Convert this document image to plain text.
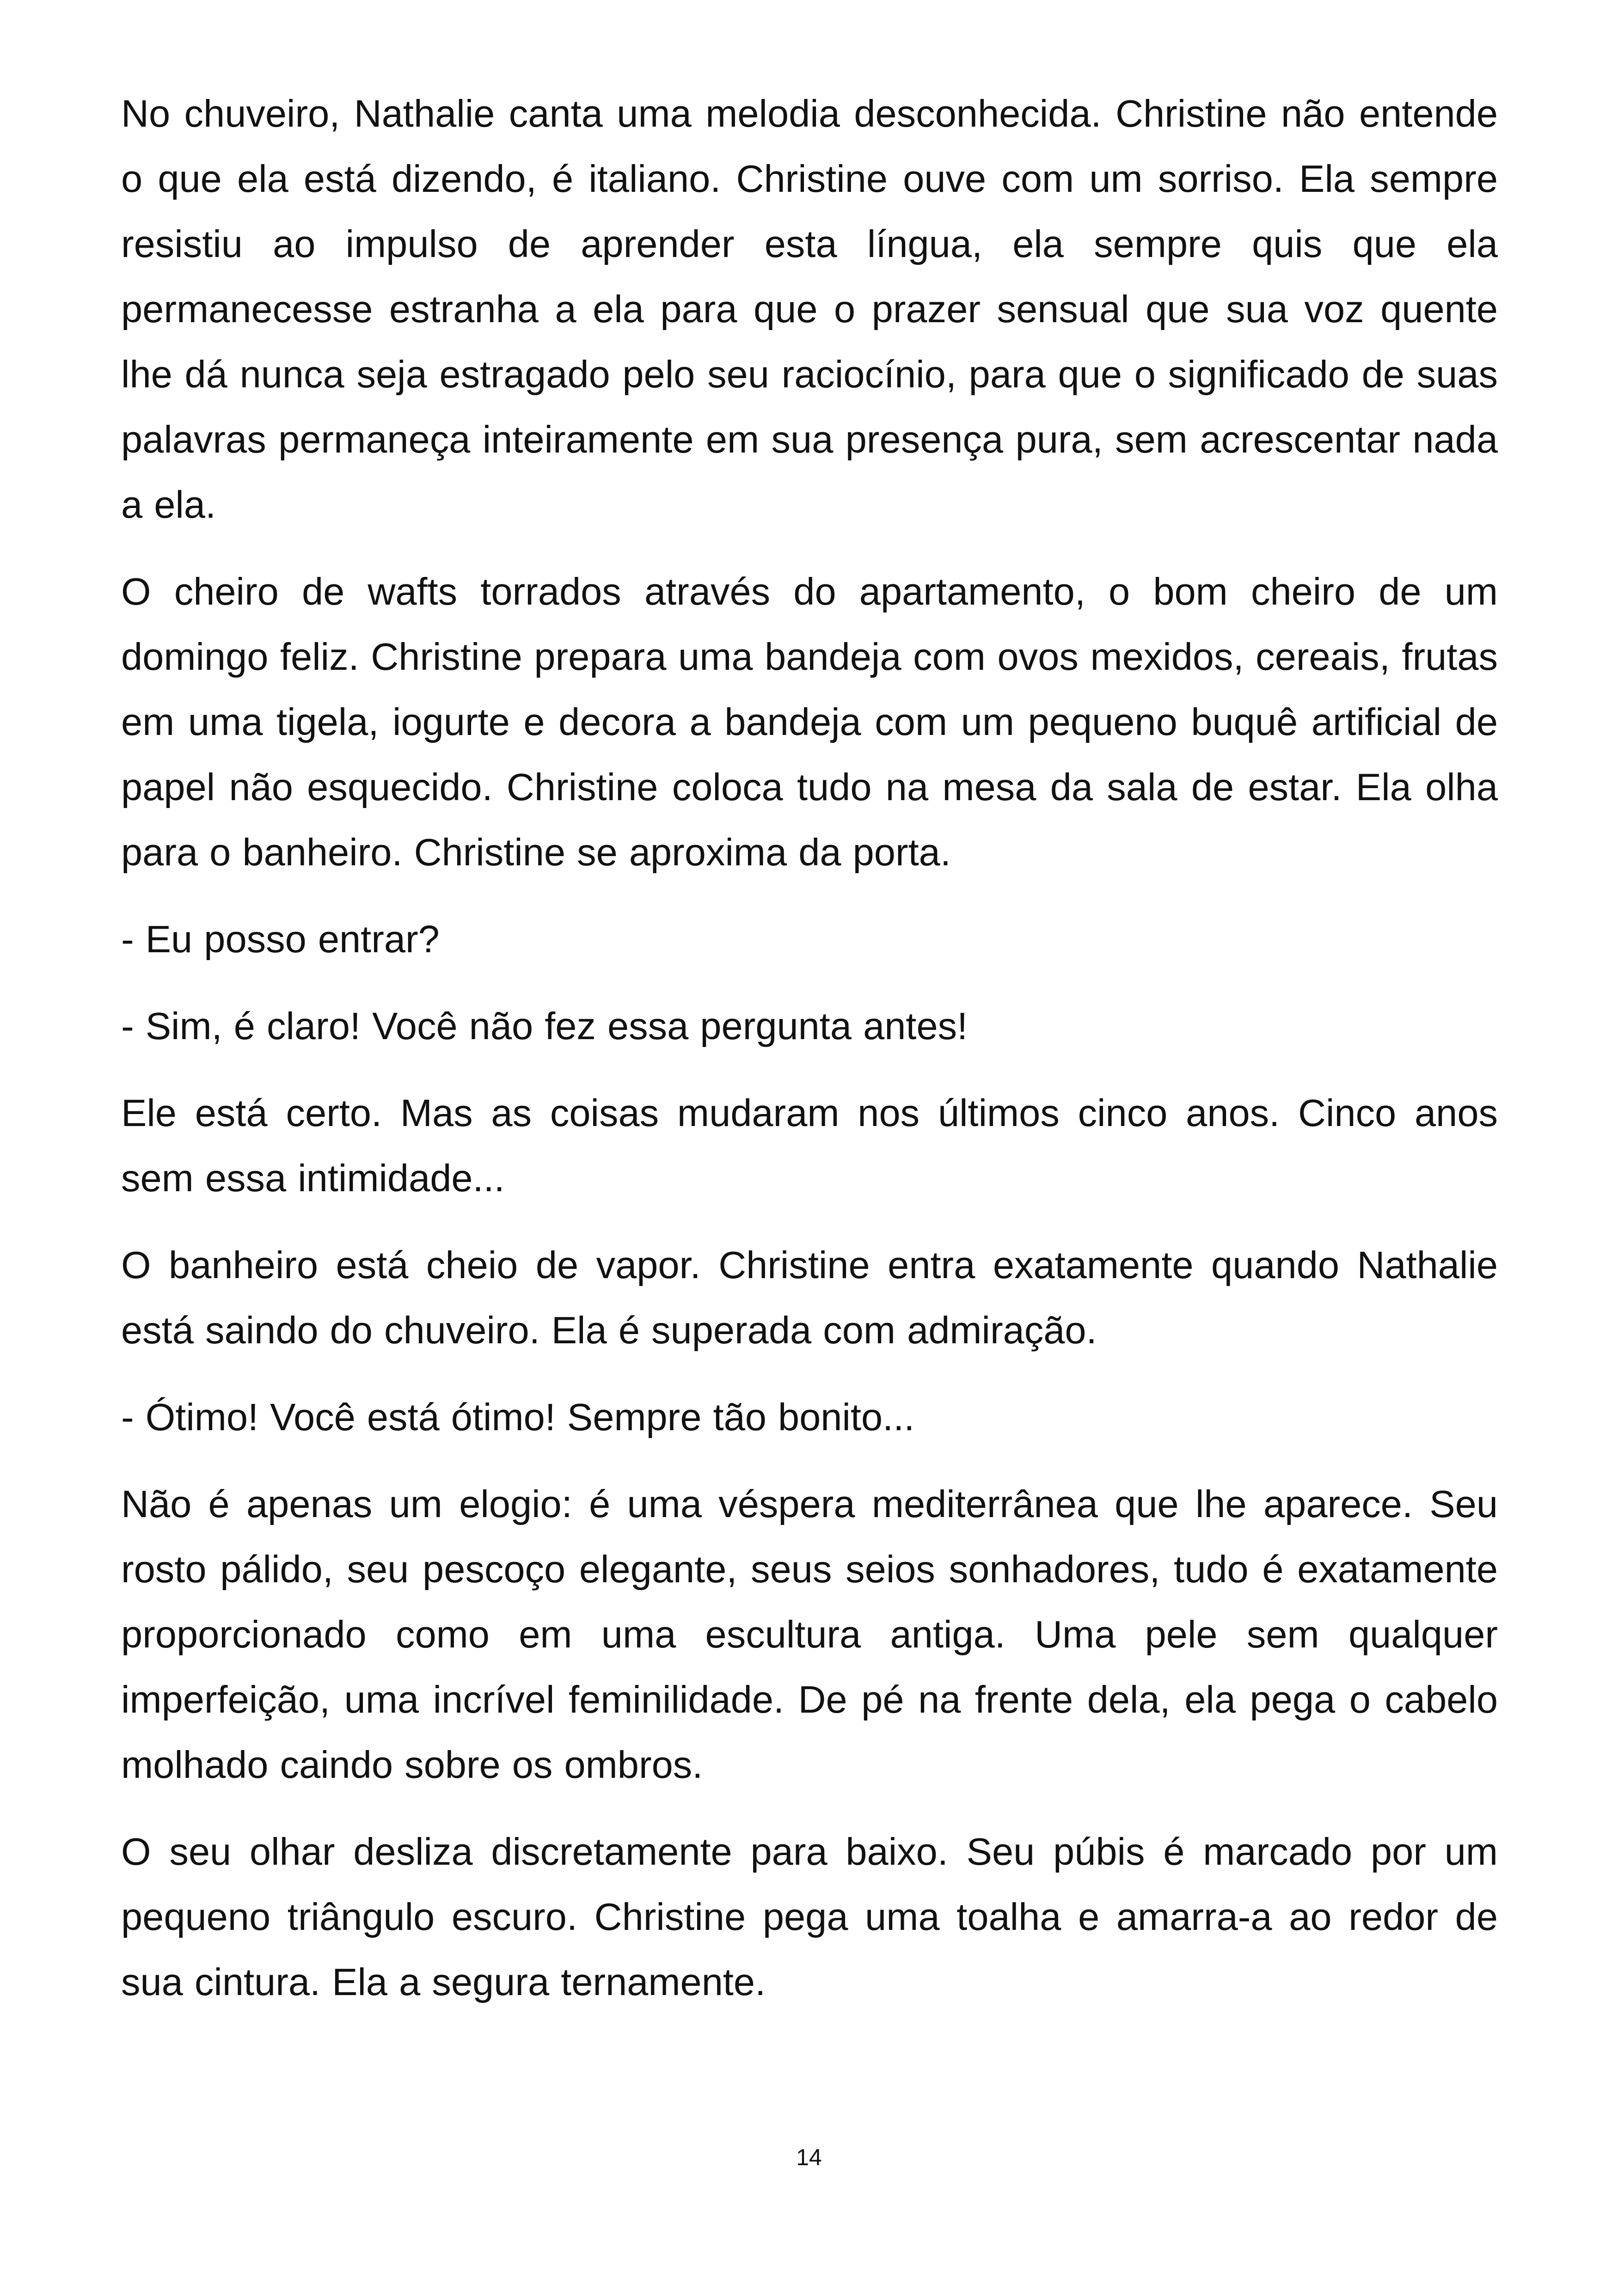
No chuveiro, Nathalie canta uma melodia desconhecida. Christine não entende o que ela está dizendo, é italiano. Christine ouve com um sorriso. Ela sempre resistiu ao impulso de aprender esta língua, ela sempre quis que ela permanecesse estranha a ela para que o prazer sensual que sua voz quente lhe dá nunca seja estragado pelo seu raciocínio, para que o significado de suas palavras permaneça inteiramente em sua presença pura, sem acrescentar nada a ela.

O cheiro de wafts torrados através do apartamento, o bom cheiro de um domingo feliz. Christine prepara uma bandeja com ovos mexidos, cereais, frutas em uma tigela, iogurte e decora a bandeja com um pequeno buquê artificial de papel não esquecido. Christine coloca tudo na mesa da sala de estar. Ela olha para o banheiro. Christine se aproxima da porta.

- Eu posso entrar?

- Sim, é claro! Você não fez essa pergunta antes!

Ele está certo. Mas as coisas mudaram nos últimos cinco anos. Cinco anos sem essa intimidade...

O banheiro está cheio de vapor. Christine entra exatamente quando Nathalie está saindo do chuveiro. Ela é superada com admiração.

- Ótimo! Você está ótimo! Sempre tão bonito...

Não é apenas um elogio: é uma véspera mediterrânea que lhe aparece. Seu rosto pálido, seu pescoço elegante, seus seios sonhadores, tudo é exatamente proporcionado como em uma escultura antiga. Uma pele sem qualquer imperfeição, uma incrível feminilidade. De pé na frente dela, ela pega o cabelo molhado caindo sobre os ombros.

O seu olhar desliza discretamente para baixo. Seu púbis é marcado por um pequeno triângulo escuro. Christine pega uma toalha e amarra-a ao redor de sua cintura. Ela a segura ternamente.

14
